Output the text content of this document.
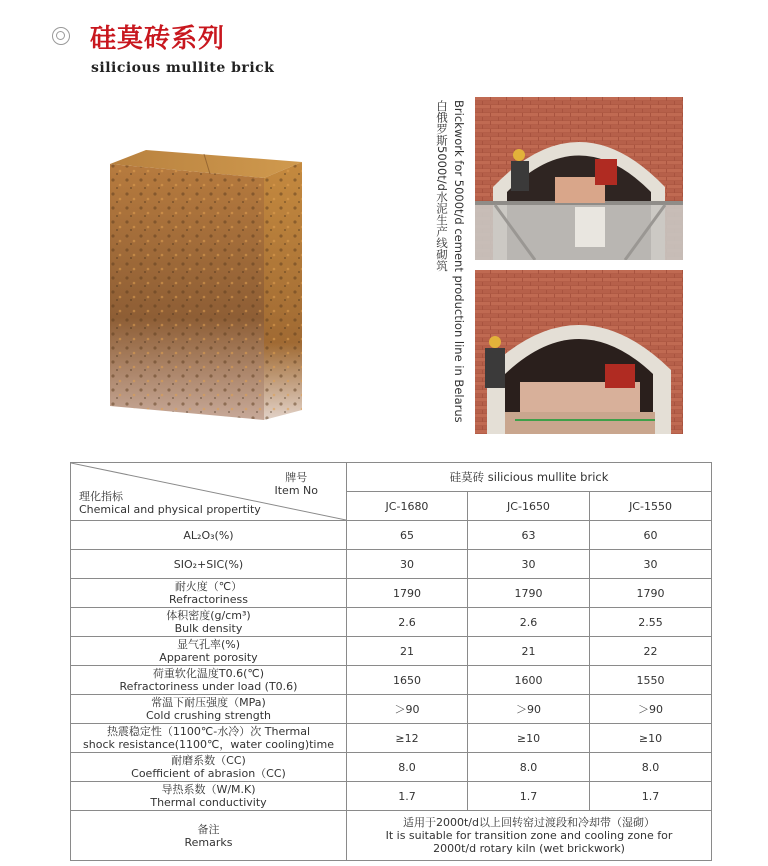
硅莫砖系列
silicious mullite brick
Brickwork for 5000t/d cement production line in Belarus
白俄罗斯5000t/d水泥生产线砌筑
牌号
Item No
理化指标
Chemical and physical propertity	硅莫砖 silicious mullite brick		
	JC-1680	JC-1650	JC-1550

AL₂O₃(%)	65	63	60

SIO₂+SIC(%)	30	30	30

耐火度（℃）
Refractoriness	1790	1790	1790

体积密度(g/cm³)
Bulk density	2.6	2.6	2.55

显气孔率(%)
Apparent porosity	21	21	22

荷重软化温度T0.6(℃)
Refractoriness under load (T0.6)	1650	1600	1550

常温下耐压强度（MPa)
Cold crushing strength	＞90	＞90	＞90

热震稳定性（1100℃-水冷）次 Thermal
shock resistance(1100℃，water cooling)time	≥12	≥10	≥10

耐磨系数（CC)
Coefficient of abrasion（CC)	8.0	8.0	8.0

导热系数（W/M.K)
Thermal conductivity	1.7	1.7	1.7

备注
Remarks	适用于2000t/d以上回转窑过渡段和冷却带（湿砌）
It is suitable for transition zone and cooling zone for
2000t/d rotary kiln (wet brickwork)		
